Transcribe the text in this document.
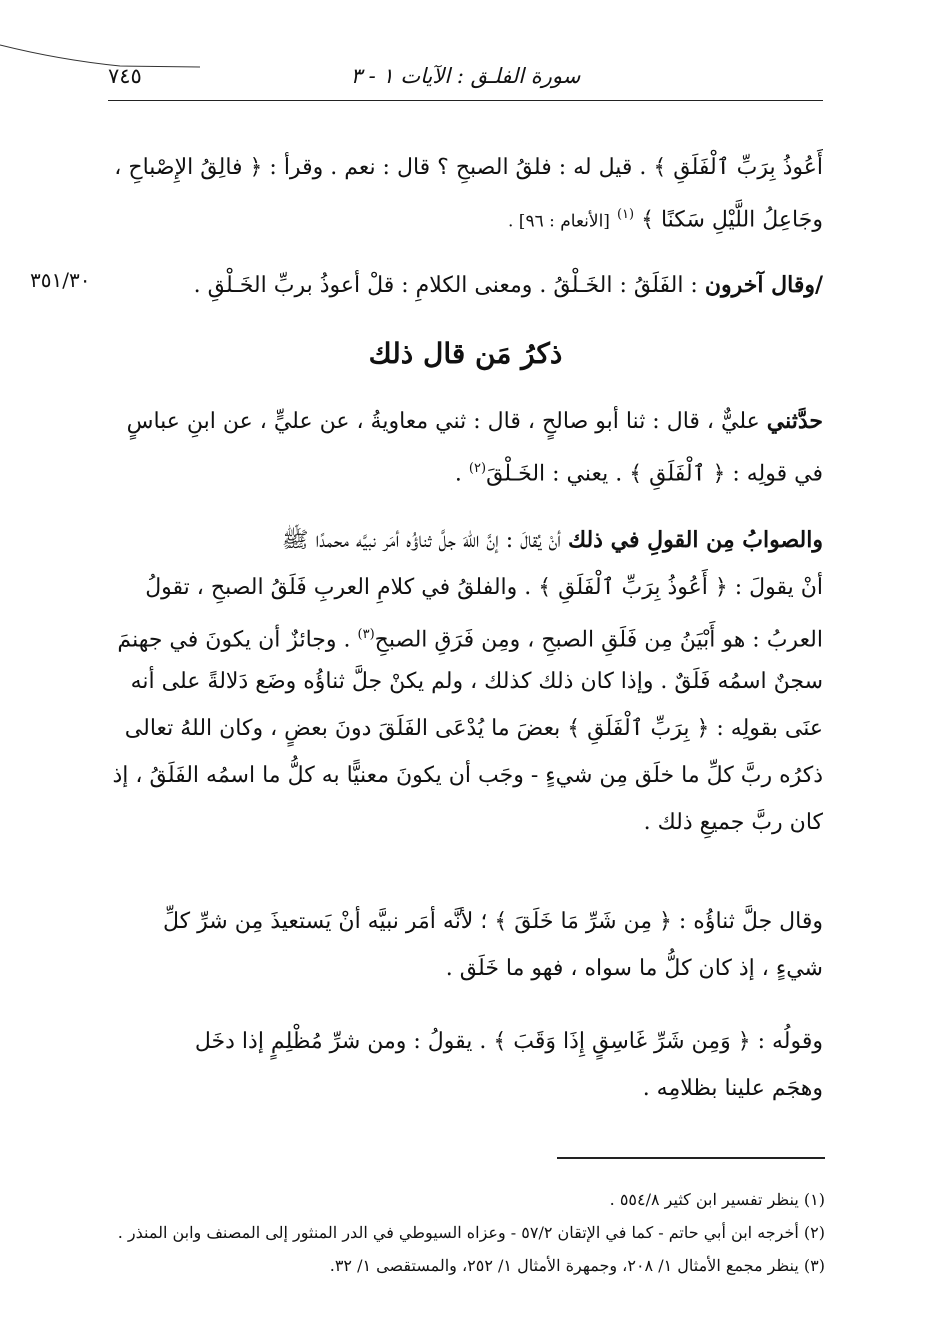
سورة الفلـق : الآيات ١ - ٣
٧٤٥
أَعُوذُ بِرَبِّ ٱلْفَلَقِ ﴾ . قيل له : فلقُ الصبحِ ؟ قال : نعم . وقرأ : ﴿ فالِقُ الإِصْباحِ ،
وجَاعِلُ اللَّيْلِ سَكنًا ﴾ $^{(١)}$ [الأنعام : ٩٦] .
/وقال آخرون : الفَلَقُ : الخَـلْقُ . ومعنى الكلامِ : قلْ أعوذُ بربِّ الخَـلْقِ .
٣٥١/٣٠
ذكرُ مَن قال ذلك
حدَّثني عليٌّ ، قال : ثنا أبو صالحٍ ، قال : ثني معاويةُ ، عن عليٍّ ، عن ابنِ عباسٍ
في قولِه : ﴿ ٱلْفَلَقِ ﴾ . يعني : الخَـلْقَ$^{(٢)}$ .
والصوابُ مِن القولِ في ذلك أنْ يُقالَ : إنَّ اللهَ جلَّ ثناؤُه أمَر نبيَّه محمدًا ﷺ
أنْ يقولَ : ﴿ أَعُوذُ بِرَبِّ ٱلْفَلَقِ ﴾ . والفلقُ في كلامِ العربِ فَلَقُ الصبحِ ، تقولُ
العربُ : هو أَبْيَنُ مِن فَلَقِ الصبحِ ، ومِن فَرَقِ الصبحِ$^{(٣)}$ . وجائزٌ أن يكونَ في جهنمَ
سجنٌ اسمُه فَلَقٌ . وإذا كان ذلك كذلك ، ولم يكنْ جلَّ ثناؤُه وضَع دَلالةً على أنه
عنَى بقولِه : ﴿ بِرَبِّ ٱلْفَلَقِ ﴾ بعضَ ما يُدْعَى الفَلَقَ دونَ بعضٍ ، وكان اللهُ تعالى
ذكرُه ربَّ كلِّ ما خلَق مِن شيءٍ - وجَب أن يكونَ معنيًّا به كلُّ ما اسمُه الفَلَقُ ، إذ
كان ربَّ جميعِ ذلك .
وقال جلَّ ثناؤُه : ﴿ مِن شَرِّ مَا خَلَقَ ﴾ ؛ لأنَّه أمَر نبيَّه أنْ يَستعيذَ مِن شرِّ كلِّ
شيءٍ ، إذ كان كلُّ ما سواه ، فهو ما خَلَق .
وقولُه : ﴿ وَمِن شَرِّ غَاسِقٍ إِذَا وَقَبَ ﴾ . يقولُ : ومن شرِّ مُظْلِمٍ إذا دخَل
وهجَم علينا بظلامِه .
(١) ينظر تفسير ابن كثير ٥٥٤/٨ .
(٢) أخرجه ابن أبي حاتم - كما في الإتقان ٥٧/٢ - وعزاه السيوطي في الدر المنثور إلى المصنف وابن المنذر .
(٣) ينظر مجمع الأمثال ١/ ٢٠٨، وجمهرة الأمثال ١/ ٢٥٢، والمستقصى ١/ ٣٢.
